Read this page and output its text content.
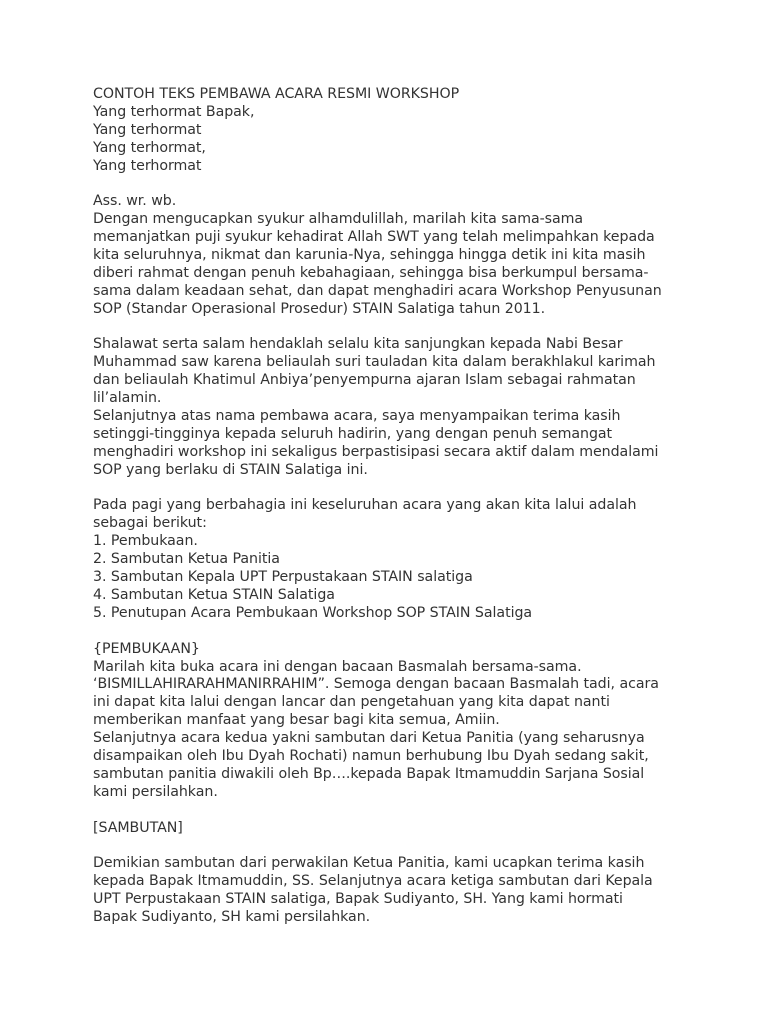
CONTOH TEKS PEMBAWA ACARA RESMI WORKSHOP
Yang terhormat Bapak,
Yang terhormat
Yang terhormat,
Yang terhormat
Ass. wr. wb.
Dengan mengucapkan syukur alhamdulillah, marilah kita sama-sama
memanjatkan puji syukur kehadirat Allah SWT yang telah melimpahkan kepada
kita seluruhnya, nikmat dan karunia-Nya, sehingga hingga detik ini kita masih
diberi rahmat dengan penuh kebahagiaan, sehingga bisa berkumpul bersama-
sama dalam keadaan sehat, dan dapat menghadiri acara Workshop Penyusunan
SOP (Standar Operasional Prosedur) STAIN Salatiga tahun 2011.
Shalawat serta salam hendaklah selalu kita sanjungkan kepada Nabi Besar
Muhammad saw karena beliaulah suri tauladan kita dalam berakhlakul karimah
dan beliaulah Khatimul Anbiya’penyempurna ajaran Islam sebagai rahmatan
lil’alamin.
Selanjutnya atas nama pembawa acara, saya menyampaikan terima kasih
setinggi-tingginya kepada seluruh hadirin, yang dengan penuh semangat
menghadiri workshop ini sekaligus berpastisipasi secara aktif dalam mendalami
SOP yang berlaku di STAIN Salatiga ini.
Pada pagi yang berbahagia ini keseluruhan acara yang akan kita lalui adalah
sebagai berikut:
1. Pembukaan.
2. Sambutan Ketua Panitia
3. Sambutan Kepala UPT Perpustakaan STAIN salatiga
4. Sambutan Ketua STAIN Salatiga
5. Penutupan Acara Pembukaan Workshop SOP STAIN Salatiga
{PEMBUKAAN}
Marilah kita buka acara ini dengan bacaan Basmalah bersama-sama.
‘BISMILLAHIRARAHMANIRRAHIM”. Semoga dengan bacaan Basmalah tadi, acara
ini dapat kita lalui dengan lancar dan pengetahuan yang kita dapat nanti
memberikan manfaat yang besar bagi kita semua, Amiin.
Selanjutnya acara kedua yakni sambutan dari Ketua Panitia (yang seharusnya
disampaikan oleh Ibu Dyah Rochati) namun berhubung Ibu Dyah sedang sakit,
sambutan panitia diwakili oleh Bp….kepada Bapak Itmamuddin Sarjana Sosial
kami persilahkan.
[SAMBUTAN]
Demikian sambutan dari perwakilan Ketua Panitia, kami ucapkan terima kasih
kepada Bapak Itmamuddin, SS. Selanjutnya acara ketiga sambutan dari Kepala
UPT Perpustakaan STAIN salatiga, Bapak Sudiyanto, SH. Yang kami hormati
Bapak Sudiyanto, SH kami persilahkan.
